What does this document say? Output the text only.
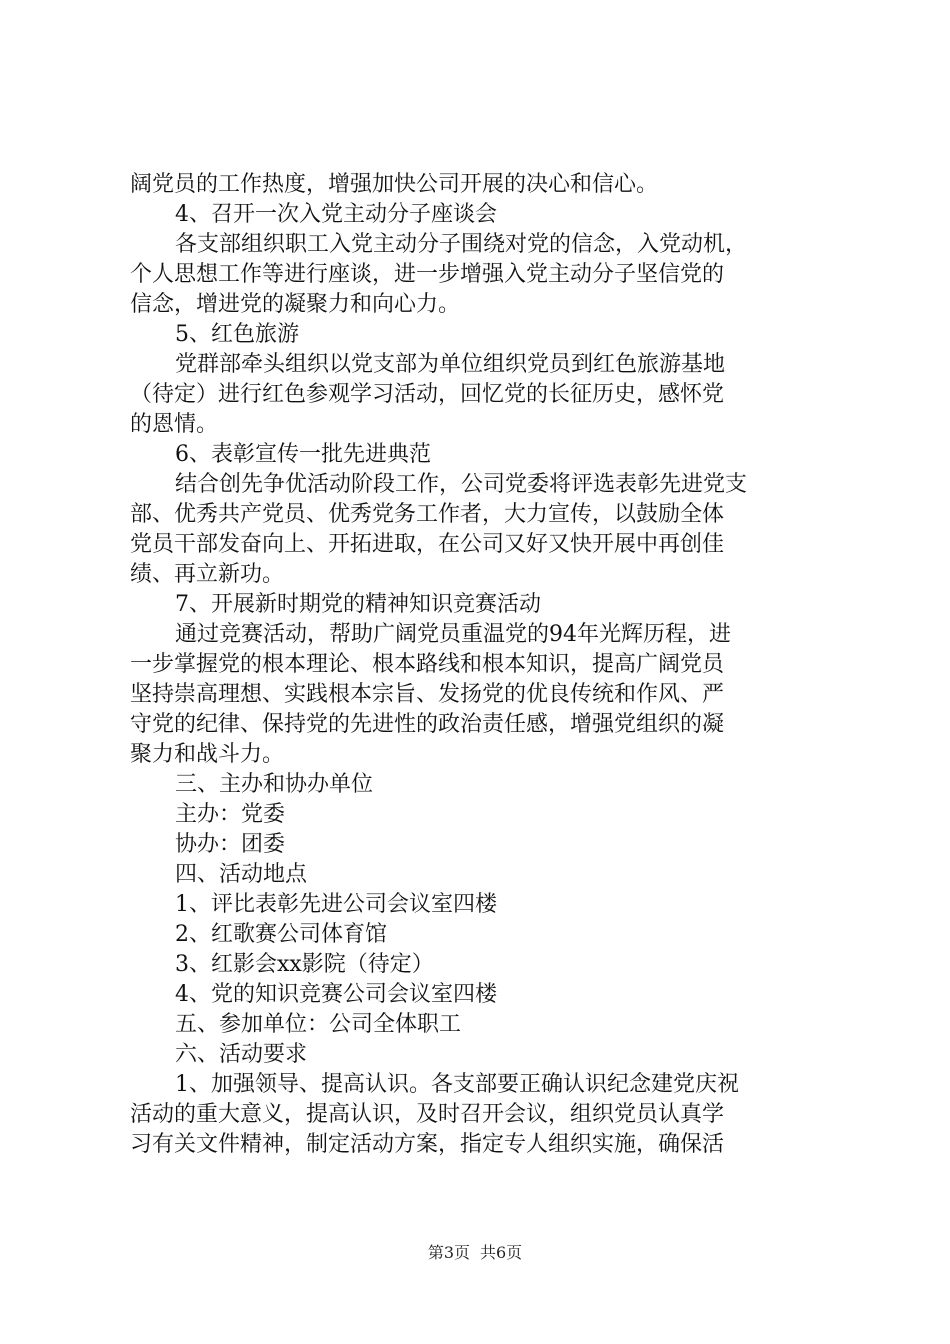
阔党员的工作热度，增强加快公司开展的决心和信心。
4、召开一次入党主动分子座谈会
各支部组织职工入党主动分子围绕对党的信念，入党动机，
个人思想工作等进行座谈，进一步增强入党主动分子坚信党的
信念，增进党的凝聚力和向心力。
5、红色旅游
党群部牵头组织以党支部为单位组织党员到红色旅游基地
（待定）进行红色参观学习活动，回忆党的长征历史，感怀党
的恩情。
6、表彰宣传一批先进典范
结合创先争优活动阶段工作，公司党委将评选表彰先进党支
部、优秀共产党员、优秀党务工作者，大力宣传，以鼓励全体
党员干部发奋向上、开拓进取，在公司又好又快开展中再创佳
绩、再立新功。
7、开展新时期党的精神知识竞赛活动
通过竞赛活动，帮助广阔党员重温党的94年光辉历程，进
一步掌握党的根本理论、根本路线和根本知识，提高广阔党员
坚持崇高理想、实践根本宗旨、发扬党的优良传统和作风、严
守党的纪律、保持党的先进性的政治责任感，增强党组织的凝
聚力和战斗力。
三、主办和协办单位
主办：党委
协办：团委
四、活动地点
1、评比表彰先进公司会议室四楼
2、红歌赛公司体育馆
3、红影会xx影院（待定）
4、党的知识竞赛公司会议室四楼
五、参加单位：公司全体职工
六、活动要求
1、加强领导、提高认识。各支部要正确认识纪念建党庆祝
活动的重大意义，提高认识，及时召开会议，组织党员认真学
习有关文件精神，制定活动方案，指定专人组织实施，确保活
第3页 共6页
